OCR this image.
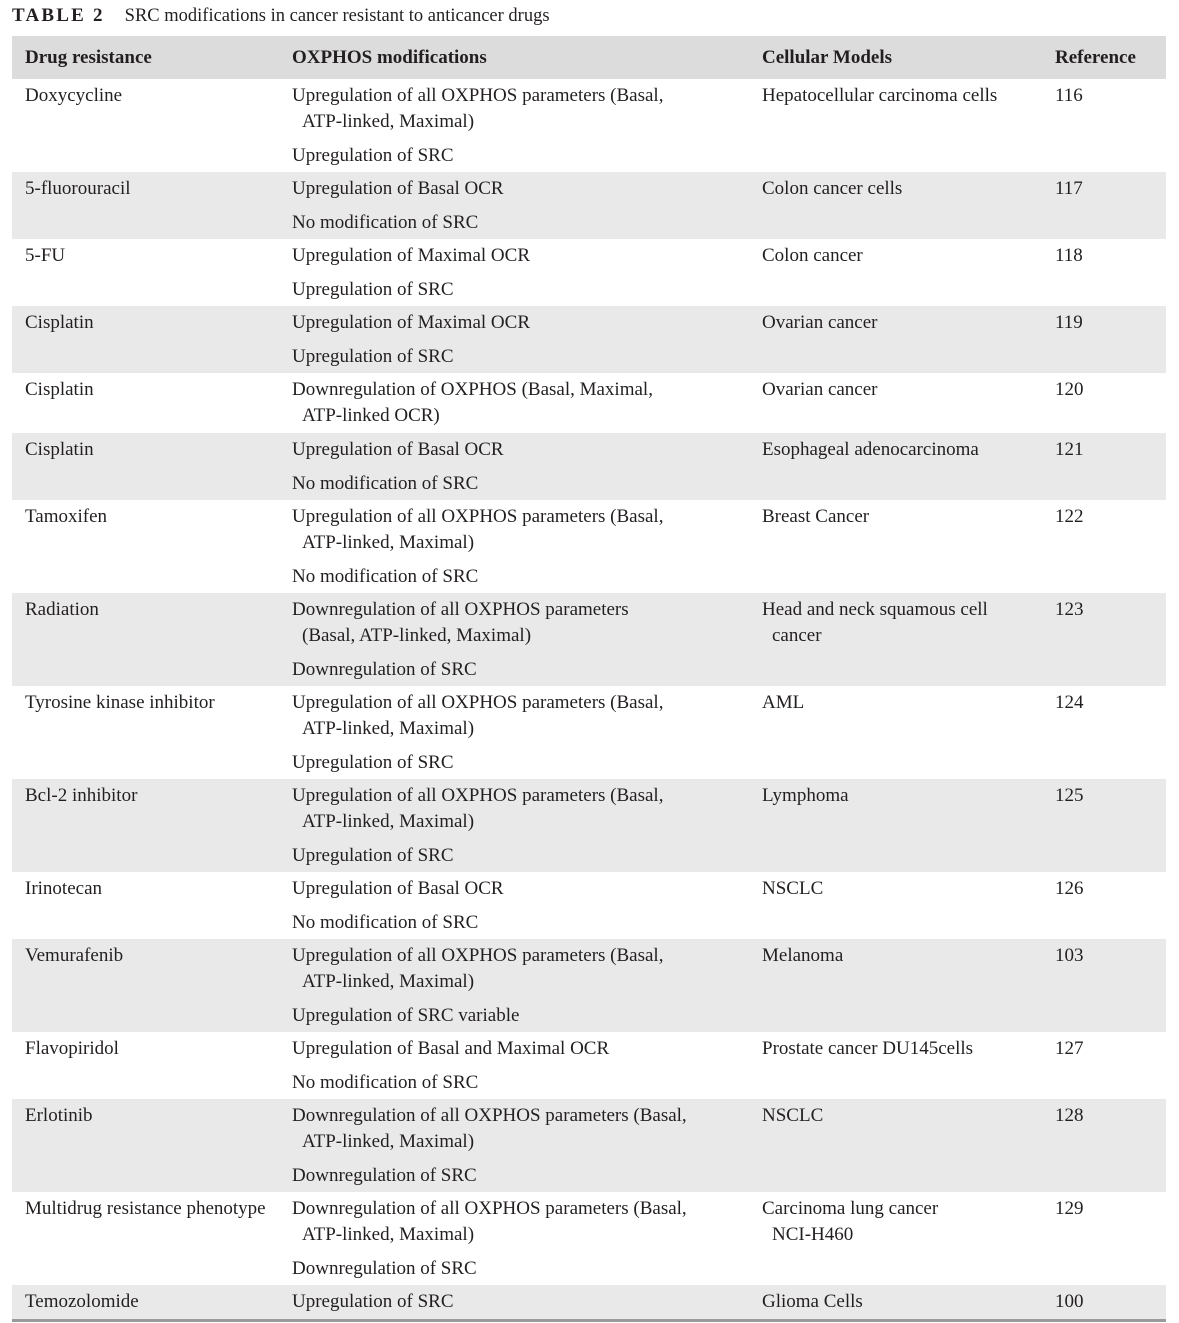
TABLE 2 SRC modifications in cancer resistant to anticancer drugs
Drug resistance	OXPHOS modifications	Cellular Models	Reference
Doxycycline	Upregulation of all OXPHOS parameters (Basal,
ATP-linked, Maximal)
Upregulation of SRC
Hepatocellular carcinoma cells	116
5-fluorouracil	Upregulation of Basal OCR
No modification of SRC
Colon cancer cells	117
5-FU	Upregulation of Maximal OCR
Upregulation of SRC
Colon cancer	118
Cisplatin	Upregulation of Maximal OCR
Upregulation of SRC
Ovarian cancer	119
Cisplatin	Downregulation of OXPHOS (Basal, Maximal,
ATP-linked OCR)
Ovarian cancer	120
Cisplatin	Upregulation of Basal OCR
No modification of SRC
Esophageal adenocarcinoma	121
Tamoxifen	Upregulation of all OXPHOS parameters (Basal,
ATP-linked, Maximal)
No modification of SRC
Breast Cancer	122
Radiation	Downregulation of all OXPHOS parameters
(Basal, ATP-linked, Maximal)
Downregulation of SRC
Head and neck squamous cell
cancer
123
Tyrosine kinase inhibitor	Upregulation of all OXPHOS parameters (Basal,
ATP-linked, Maximal)
Upregulation of SRC
AML	124
Bcl-2 inhibitor	Upregulation of all OXPHOS parameters (Basal,
ATP-linked, Maximal)
Upregulation of SRC
Lymphoma	125
Irinotecan	Upregulation of Basal OCR
No modification of SRC
NSCLC	126
Vemurafenib	Upregulation of all OXPHOS parameters (Basal,
ATP-linked, Maximal)
Upregulation of SRC variable
Melanoma	103
Flavopiridol	Upregulation of Basal and Maximal OCR
No modification of SRC
Prostate cancer DU145cells	127
Erlotinib	Downregulation of all OXPHOS parameters (Basal,
ATP-linked, Maximal)
Downregulation of SRC
NSCLC	128
Multidrug resistance phenotype	Downregulation of all OXPHOS parameters (Basal,
ATP-linked, Maximal)
Downregulation of SRC
Carcinoma lung cancer
NCI-H460
129
Temozolomide	Upregulation of SRC	Glioma Cells	100
